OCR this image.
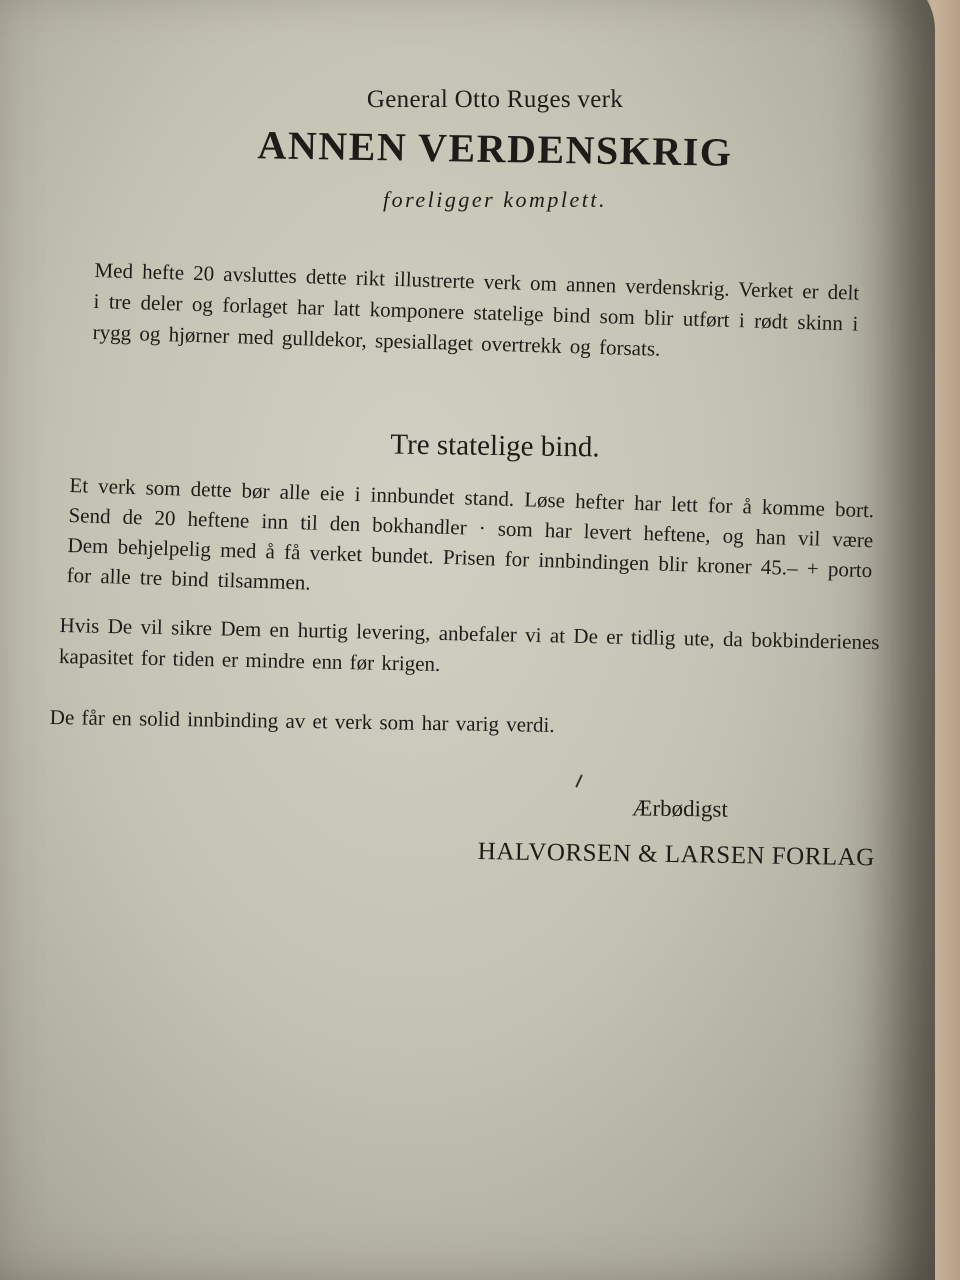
General Otto Ruges verk
ANNEN VERDENSKRIG
foreligger komplett.

Med hefte 20 avsluttes dette rikt illustrerte verk om annen verdenskrig. Verket er delt i tre deler og forlaget har latt komponere statelige bind som blir utført i rødt skinn i rygg og hjørner med gulldekor, spesiallaget overtrekk og forsats.

Tre statelige bind.

Et verk som dette bør alle eie i innbundet stand. Løse hefter har lett for å komme bort. Send de 20 heftene inn til den bokhandler · som har levert heftene, og han vil være Dem behjelpelig med å få verket bundet. Prisen for innbindingen blir kroner 45.– + porto for alle tre bind tilsammen.

Hvis De vil sikre Dem en hurtig levering, anbefaler vi at De er tidlig ute, da bokbinderienes kapasitet for tiden er mindre enn før krigen.

De får en solid innbinding av et verk som har varig verdi.

Ærbødigst
HALVORSEN & LARSEN FORLAG
